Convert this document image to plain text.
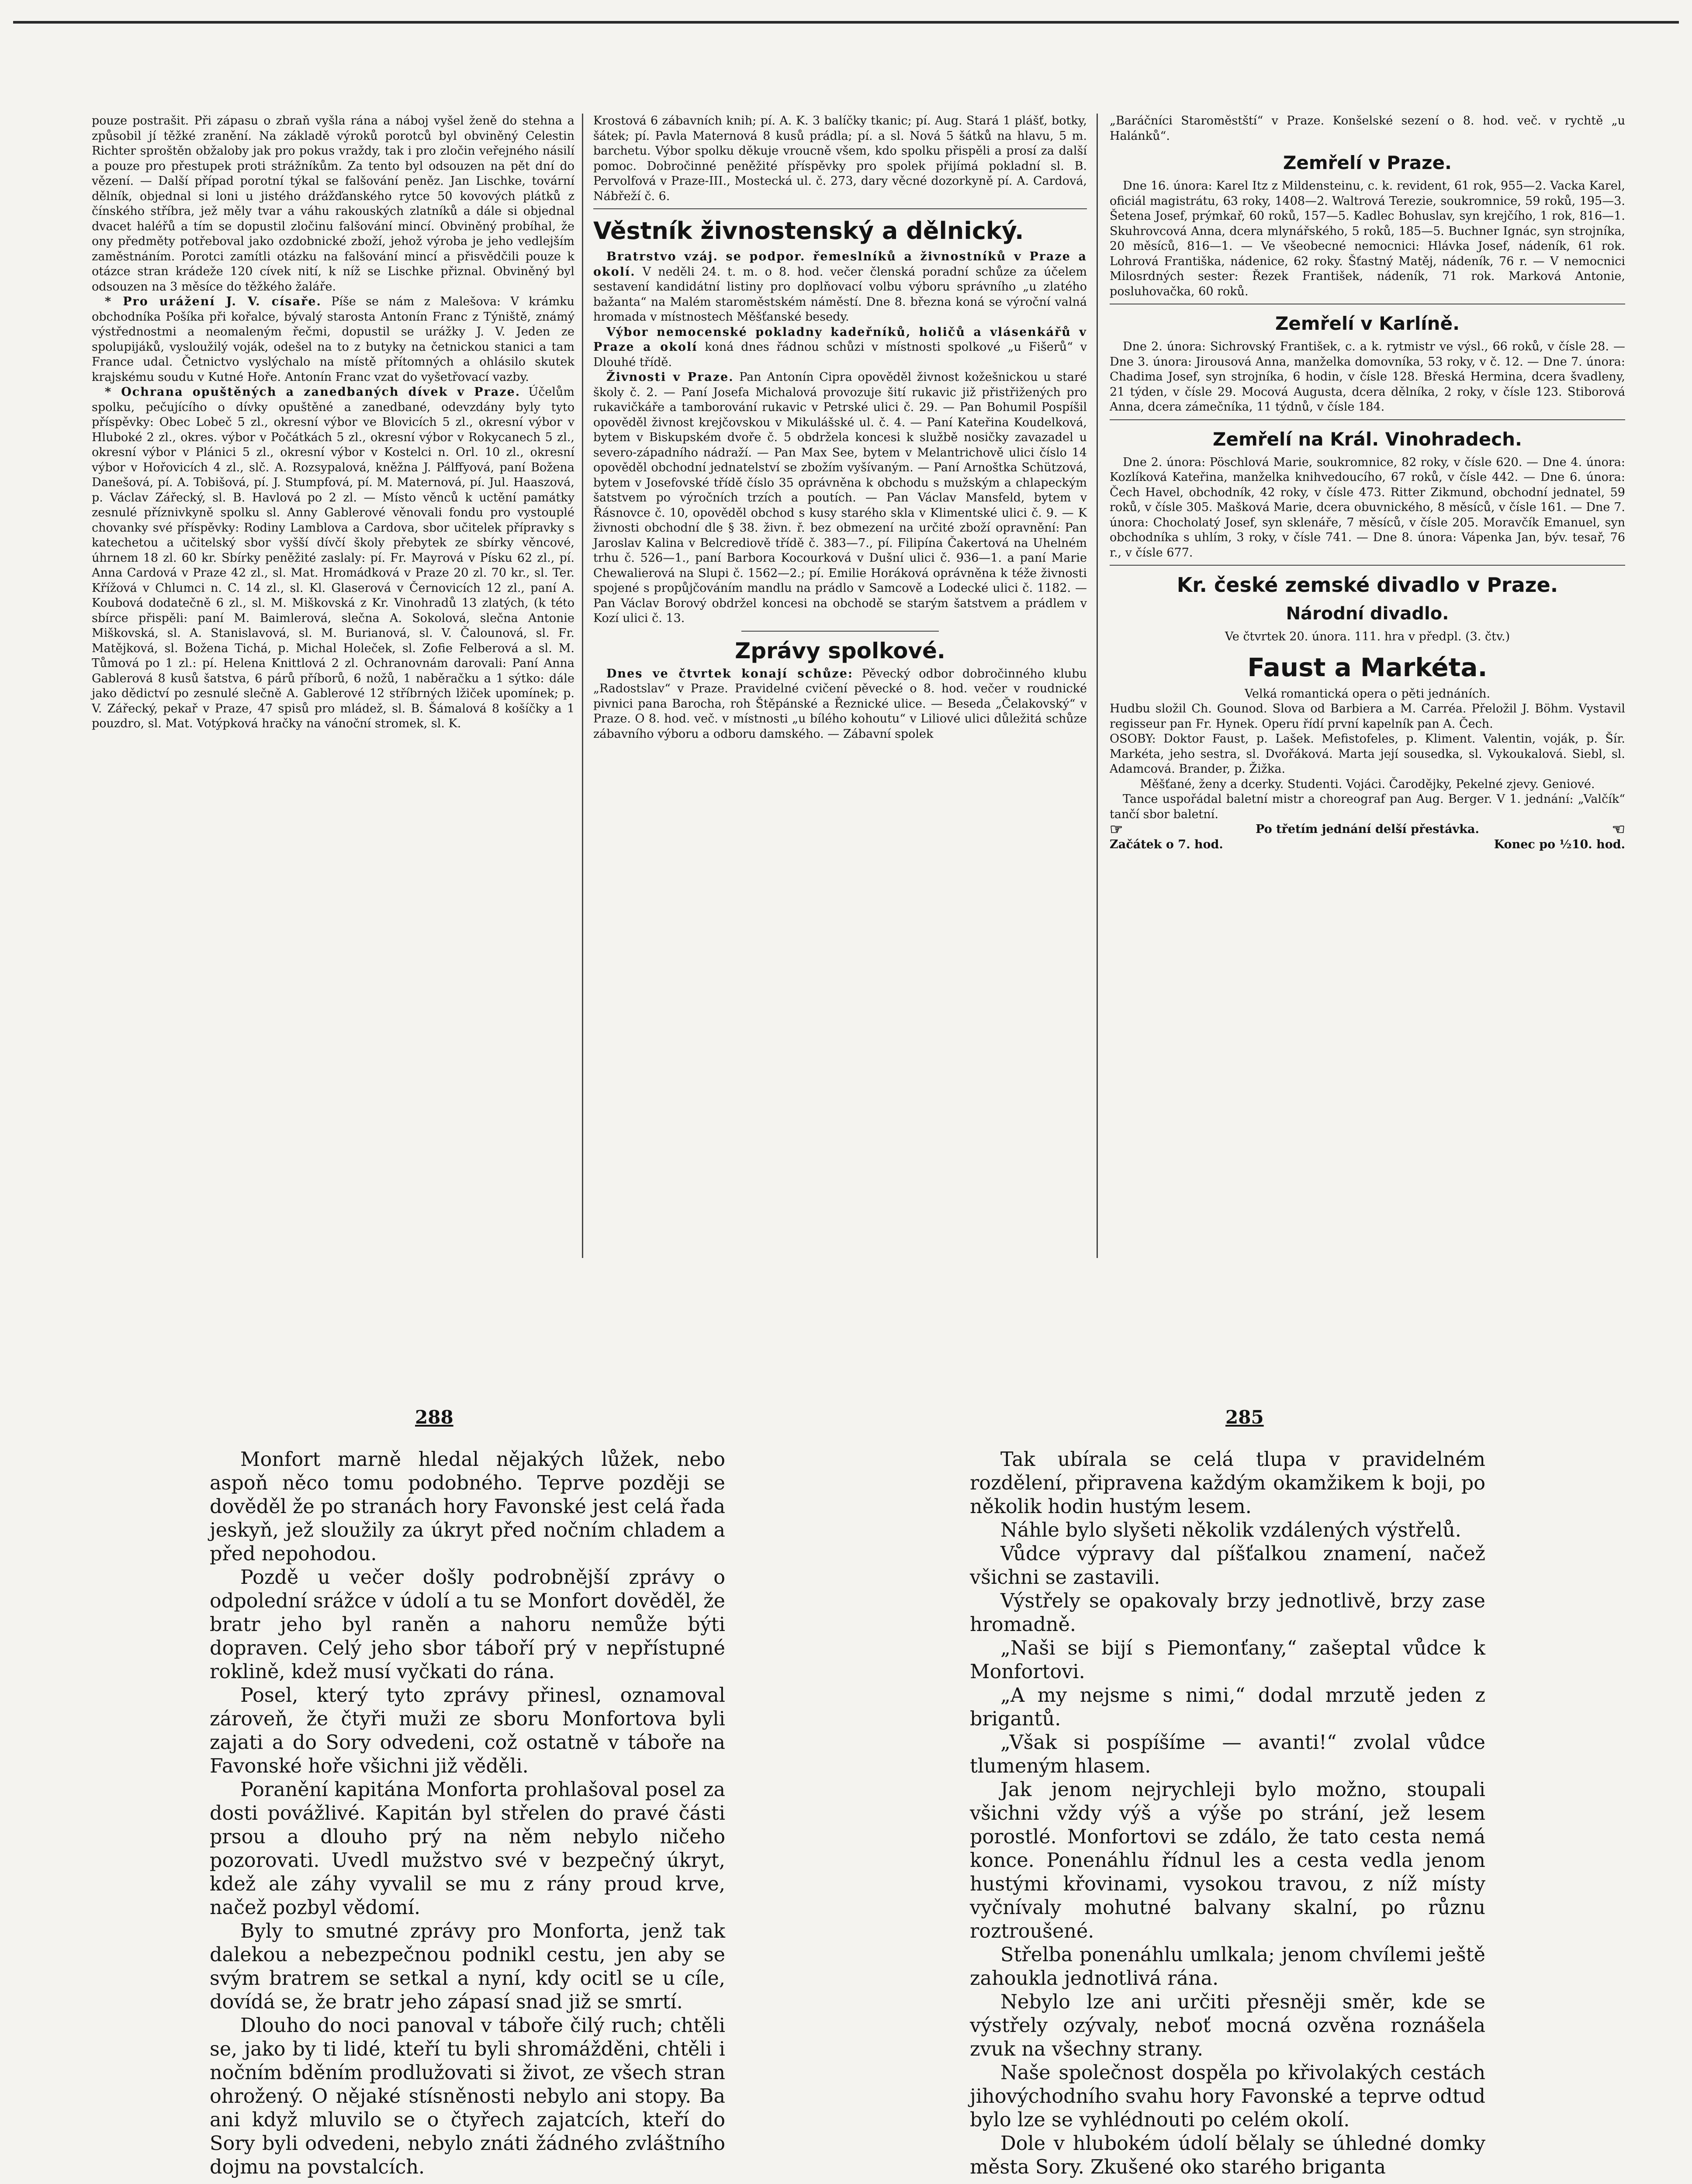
pouze postrašit. Při zápasu o zbraň vyšla rána a náboj vyšel ženě do stehna a způsobil jí těžké zranění. Na základě výroků porotců byl obviněný Celestin Richter sproštěn obžaloby jak pro pokus vraždy, tak i pro zločin veřejného násilí a pouze pro přestupek proti strážníkům. Za tento byl odsouzen na pět dní do vězení. — Další případ porotní týkal se falšování peněz. Jan Lischke, tovární dělník, objednal si loni u jistého drážďanského rytce 50 kovových plátků z čínského stříbra, jež měly tvar a váhu rakouských zlatníků a dále si objednal dvacet haléřů a tím se dopustil zločinu falšování mincí. Obviněný probíhal, že ony předměty potřeboval jako ozdobnické zboží, jehož výroba je jeho vedlejším zaměstnáním. Porotci zamítli otázku na falšování mincí a přisvědčili pouze k otázce stran krádeže 120 cívek nití, k níž se Lischke přiznal. Obviněný byl odsouzen na 3 měsíce do těžkého žaláře.

* Pro urážení J. V. císaře. Píše se nám z Malešova: V krámku obchodníka Pošíka při kořalce, bývalý starosta Antonín Franc z Týniště, známý výstřednostmi a neomaleným řečmi, dopustil se urážky J. V. Jeden ze spolupijáků, vysloužilý voják, odešel na to z butyky na četnickou stanici a tam France udal. Četnictvo vyslýchalo na místě přítomných a ohlásilo skutek krajskému soudu v Kutné Hoře. Antonín Franc vzat do vyšetřovací vazby.

* Ochrana opuštěných a zanedbaných dívek v Praze. Účelům spolku, pečujícího o dívky opuštěné a zanedbané, odevzdány byly tyto příspěvky: Obec Lobeč 5 zl., okresní výbor ve Blovicích 5 zl., okresní výbor v Hluboké 2 zl., okres. výbor v Počátkách 5 zl., okresní výbor v Rokycanech 5 zl., okresní výbor v Plánici 5 zl., okresní výbor v Kostelci n. Orl. 10 zl., okresní výbor v Hořovicích 4 zl., slč. A. Rozsypalová, kněžna J. Pálffyová, paní Božena Danešová, pí. A. Tobišová, pí. J. Stumpfová, pí. M. Maternová, pí. Jul. Haaszová, p. Václav Zářecký, sl. B. Havlová po 2 zl. — Místo věnců k uctění památky zesnulé příznivkyně spolku sl. Anny Gablerové věnovali fondu pro vystouplé chovanky své příspěvky: Rodiny Lamblova a Cardova, sbor učitelek přípravky s katechetou a učitelský sbor vyšší dívčí školy přebytek ze sbírky věncové, úhrnem 18 zl. 60 kr. Sbírky peněžité zaslaly: pí. Fr. Mayrová v Písku 62 zl., pí. Anna Cardová v Praze 42 zl., sl. Mat. Hromádková v Praze 20 zl. 70 kr., sl. Ter. Křížová v Chlumci n. C. 14 zl., sl. Kl. Glaserová v Černovicích 12 zl., paní A. Koubová dodatečně 6 zl., sl. M. Miškovská z Kr. Vinohradů 13 zlatých, (k této sbírce přispěli: paní M. Baimlerová, slečna A. Sokolová, slečna Antonie Miškovská, sl. A. Stanislavová, sl. M. Burianová, sl. V. Čalounová, sl. Fr. Matějková, sl. Božena Tichá, p. Michal Holeček, sl. Zofie Felberová a sl. M. Tůmová po 1 zl.: pí. Helena Knittlová 2 zl. Ochranovnám darovali: Paní Anna Gablerová 8 kusů šatstva, 6 párů příborů, 6 nožů, 1 naběračku a 1 sýtko: dále jako dědictví po zesnulé slečně A. Gablerové 12 stříbrných lžiček upomínek; p. V. Zářecký, pekař v Praze, 47 spisů pro mládež, sl. B. Šámalová 8 košíčky a 1 pouzdro, sl. Mat. Votýpková hračky na vánoční stromek, sl. K.

Krostová 6 zábavních knih; pí. A. K. 3 balíčky tkanic; pí. Aug. Stará 1 plášť, botky, šátek; pí. Pavla Maternová 8 kusů prádla; pí. a sl. Nová 5 šátků na hlavu, 5 m. barchetu. Výbor spolku děkuje vroucně všem, kdo spolku přispěli a prosí za další pomoc. Dobročinné peněžité příspěvky pro spolek přijímá pokladní sl. B. Pervolfová v Praze-III., Mostecká ul. č. 273, dary věcné dozorkyně pí. A. Cardová, Nábřeží č. 6.

Věstník živnostenský a dělnický.

Bratrstvo vzáj. se podpor. řemeslníků a živnostníků v Praze a okolí. V neděli 24. t. m. o 8. hod. večer členská poradní schůze za účelem sestavení kandidátní listiny pro doplňovací volbu výboru správního „u zlatého bažanta“ na Malém staroměstském náměstí. Dne 8. března koná se výroční valná hromada v místnostech Měšťanské besedy.

Výbor nemocenské pokladny kadeřníků, holičů a vlásenkářů v Praze a okolí koná dnes řádnou schůzi v místnosti spolkové „u Fišerů“ v Dlouhé třídě.

Živnosti v Praze. Pan Antonín Cipra opověděl živnost kožešnickou u staré školy č. 2. — Paní Josefa Michalová provozuje šití rukavic již přistřižených pro rukavičkáře a tamborování rukavic v Petrské ulici č. 29. — Pan Bohumil Pospíšil opověděl živnost krejčovskou v Mikulášské ul. č. 4. — Paní Kateřina Koudelková, bytem v Biskupském dvoře č. 5 obdržela koncesi k službě nosičky zavazadel u severo-západního nádraží. — Pan Max See, bytem v Melantrichově ulici číslo 14 opověděl obchodní jednatelství se zbožím vyšívaným. — Paní Arnoštka Schützová, bytem v Josefovské třídě číslo 35 oprávněna k obchodu s mužským a chlapeckým šatstvem po výročních trzích a poutích. — Pan Václav Mansfeld, bytem v Řásnovce č. 10, opověděl obchod s kusy starého skla v Klimentské ulici č. 9. — K živnosti obchodní dle § 38. živn. ř. bez obmezení na určité zboží opravnění: Pan Jaroslav Kalina v Belcrediově třídě č. 383—7., pí. Filipína Čakertová na Uhelném trhu č. 526—1., paní Barbora Kocourková v Dušní ulici č. 936—1. a paní Marie Chewalierová na Slupi č. 1562—2.; pí. Emilie Horáková oprávněna k téže živnosti spojené s propůjčováním mandlu na prádlo v Samcově a Lodecké ulici č. 1182. — Pan Václav Borový obdržel koncesi na obchodě se starým šatstvem a prádlem v Kozí ulici č. 13.

Zprávy spolkové.

Dnes ve čtvrtek konají schůze: Pěvecký odbor dobročinného klubu „Radostslav“ v Praze. Pravidelné cvičení pěvecké o 8. hod. večer v roudnické pivnici pana Barocha, roh Štěpánské a Řeznické ulice. — Beseda „Čelakovský“ v Praze. O 8. hod. več. v místnosti „u bílého kohoutu“ v Liliové ulici důležitá schůze zábavního výboru a odboru damského. — Zábavní spolek

„Baráčníci Staroměstští“ v Praze. Konšelské sezení o 8. hod. več. v rychtě „u Halánků“.

Zemřelí v Praze.

Dne 16. února: Karel Itz z Mildensteinu, c. k. revident, 61 rok, 955—2. Vacka Karel, oficiál magistrátu, 63 roky, 1408—2. Waltrová Terezie, soukromnice, 59 roků, 195—3. Šetena Josef, prýmkař, 60 roků, 157—5. Kadlec Bohuslav, syn krejčího, 1 rok, 816—1. Skuhrovcová Anna, dcera mlynářského, 5 roků, 185—5. Buchner Ignác, syn strojníka, 20 měsíců, 816—1. — Ve všeobecné nemocnici: Hlávka Josef, nádeník, 61 rok. Lohrová Františka, nádenice, 62 roky. Šťastný Matěj, nádeník, 76 r. — V nemocnici Milosrdných sester: Řezek František, nádeník, 71 rok. Marková Antonie, posluhovačka, 60 roků.

Zemřelí v Karlíně.

Dne 2. února: Sichrovský František, c. a k. rytmistr ve výsl., 66 roků, v čísle 28. — Dne 3. února: Jirousová Anna, manželka domovníka, 53 roky, v č. 12. — Dne 7. února: Chadima Josef, syn strojníka, 6 hodin, v čísle 128. Břeská Hermina, dcera švadleny, 21 týden, v čísle 29. Mocová Augusta, dcera dělníka, 2 roky, v čísle 123. Stiborová Anna, dcera zámečníka, 11 týdnů, v čísle 184.

Zemřelí na Král. Vinohradech.

Dne 2. února: Pöschlová Marie, soukromnice, 82 roky, v čísle 620. — Dne 4. února: Kozlíková Kateřina, manželka knihvedoucího, 67 roků, v čísle 442. — Dne 6. února: Čech Havel, obchodník, 42 roky, v čísle 473. Ritter Zikmund, obchodní jednatel, 59 roků, v čísle 305. Mašková Marie, dcera obuvnického, 8 měsíců, v čísle 161. — Dne 7. února: Chocholatý Josef, syn sklenáře, 7 měsíců, v čísle 205. Moravčík Emanuel, syn obchodníka s uhlím, 3 roky, v čísle 741. — Dne 8. února: Vápenka Jan, býv. tesař, 76 r., v čísle 677.

Kr. české zemské divadlo v Praze.
Národní divadlo.

Ve čtvrtek 20. února. 111. hra v předpl. (3. čtv.)

Faust a Markéta.

Velká romantická opera o pěti jednáních.

Hudbu složil Ch. Gounod. Slova od Barbiera a M. Carréa. Přeložil J. Böhm. Vystavil regisseur pan Fr. Hynek. Operu řídí první kapelník pan A. Čech.

OSOBY: Doktor Faust, p. Lašek. Mefistofeles, p. Kliment. Valentin, voják, p. Šír. Markéta, jeho sestra, sl. Dvořáková. Marta její sousedka, sl. Vykoukalová. Siebl, sl. Adamcová. Brander, p. Žižka.

Měšťané, ženy a dcerky. Studenti. Vojáci. Čarodějky, Pekelné zjevy. Geniové.

Tance uspořádal baletní mistr a choreograf pan Aug. Berger. V 1. jednání: „Valčík“ tančí sbor baletní.

☞	Po třetím jednání delší přestávka.	☜
Začátek o 7. hod.	Konec po ½10. hod.
288	285

Monfort marně hledal nějakých lůžek, nebo aspoň něco tomu podobného. Teprve později se dověděl že po stranách hory Favonské jest celá řada jeskyň, jež sloužily za úkryt před nočním chladem a před nepohodou.

Pozdě u večer došly podrobnější zprávy o odpolední srážce v údolí a tu se Monfort dověděl, že bratr jeho byl raněn a nahoru nemůže býti dopraven. Celý jeho sbor táboří prý v nepřístupné roklině, kdež musí vyčkati do rána.

Posel, který tyto zprávy přinesl, oznamoval zároveň, že čtyři muži ze sboru Monfortova byli zajati a do Sory odvedeni, což ostatně v táboře na Favonské hoře všichni již věděli.

Poranění kapitána Monforta prohlašoval posel za dosti povážlivé. Kapitán byl střelen do pravé části prsou a dlouho prý na něm nebylo ničeho pozorovati. Uvedl mužstvo své v bezpečný úkryt, kdež ale záhy vyvalil se mu z rány proud krve, načež pozbyl vědomí.

Byly to smutné zprávy pro Monforta, jenž tak dalekou a nebezpečnou podnikl cestu, jen aby se svým bratrem se setkal a nyní, kdy ocitl se u cíle, dovídá se, že bratr jeho zápasí snad již se smrtí.

Dlouho do noci panoval v táboře čilý ruch; chtěli se, jako by ti lidé, kteří tu byli shromážděni, chtěli i nočním bděním prodlužovati si život, ze všech stran ohrožený. O nějaké stísněnosti nebylo ani stopy. Ba ani když mluvilo se o čtyřech zajatcích, kteří do Sory byli odvedeni, nebylo znáti žádného zvláštního dojmu na povstalcích.

Tak ubírala se celá tlupa v pravidelném rozdělení, připravena každým okamžikem k boji, po několik hodin hustým lesem.

Náhle bylo slyšeti několik vzdálených výstřelů.

Vůdce výpravy dal píšťalkou znamení, načež všichni se zastavili.

Výstřely se opakovaly brzy jednotlivě, brzy zase hromadně.

„Naši se bijí s Piemonťany,“ zašeptal vůdce k Monfortovi.

„A my nejsme s nimi,“ dodal mrzutě jeden z brigantů.

„Však si pospíšíme — avanti!“ zvolal vůdce tlumeným hlasem.

Jak jenom nejrychleji bylo možno, stoupali všichni vždy výš a výše po strání, jež lesem porostlé. Monfortovi se zdálo, že tato cesta nemá konce. Ponenáhlu řídnul les a cesta vedla jenom hustými křovinami, vysokou travou, z níž místy vyčnívaly mohutné balvany skalní, po různu roztroušené.

Střelba ponenáhlu umlkala; jenom chvílemi ještě zahoukla jednotlivá rána.

Nebylo lze ani určiti přesněji směr, kde se výstřely ozývaly, neboť mocná ozvěna roznášela zvuk na všechny strany.

Naše společnost dospěla po křivolakých cestách jihovýchodního svahu hory Favonské a teprve odtud bylo lze se vyhlédnouti po celém okolí.

Dole v hlubokém údolí bělaly se úhledné domky města Sory. Zkušené oko starého briganta
